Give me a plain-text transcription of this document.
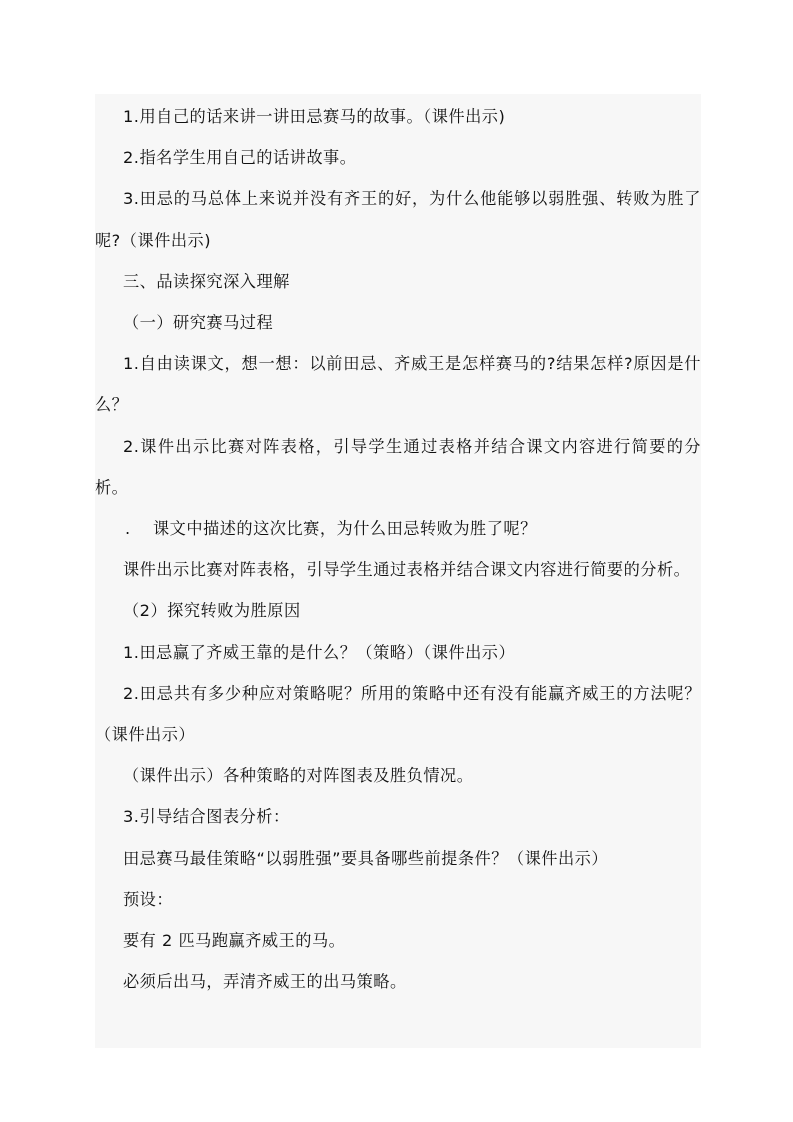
1.用自己的话来讲一讲田忌赛马的故事。（课件出示)

2.指名学生用自己的话讲故事。

3.田忌的马总体上来说并没有齐王的好，为什么他能够以弱胜强、转败为胜了呢?（课件出示)

三、品读探究深入理解

（一）研究赛马过程

1.自由读课文，想一想：以前田忌、齐威王是怎样赛马的?结果怎样?原因是什么？

2.课件出示比赛对阵表格，引导学生通过表格并结合课文内容进行简要的分析。

.　 课文中描述的这次比赛，为什么田忌转败为胜了呢？

课件出示比赛对阵表格，引导学生通过表格并结合课文内容进行简要的分析。

（2）探究转败为胜原因

1.田忌赢了齐威王靠的是什么？（策略）（课件出示）

2.田忌共有多少种应对策略呢？所用的策略中还有没有能赢齐威王的方法呢？（课件出示）

（课件出示）各种策略的对阵图表及胜负情况。

3.引导结合图表分析：

田忌赛马最佳策略“以弱胜强”要具备哪些前提条件？（课件出示）

预设：

要有 2 匹马跑赢齐威王的马。

必须后出马，弄清齐威王的出马策略。
